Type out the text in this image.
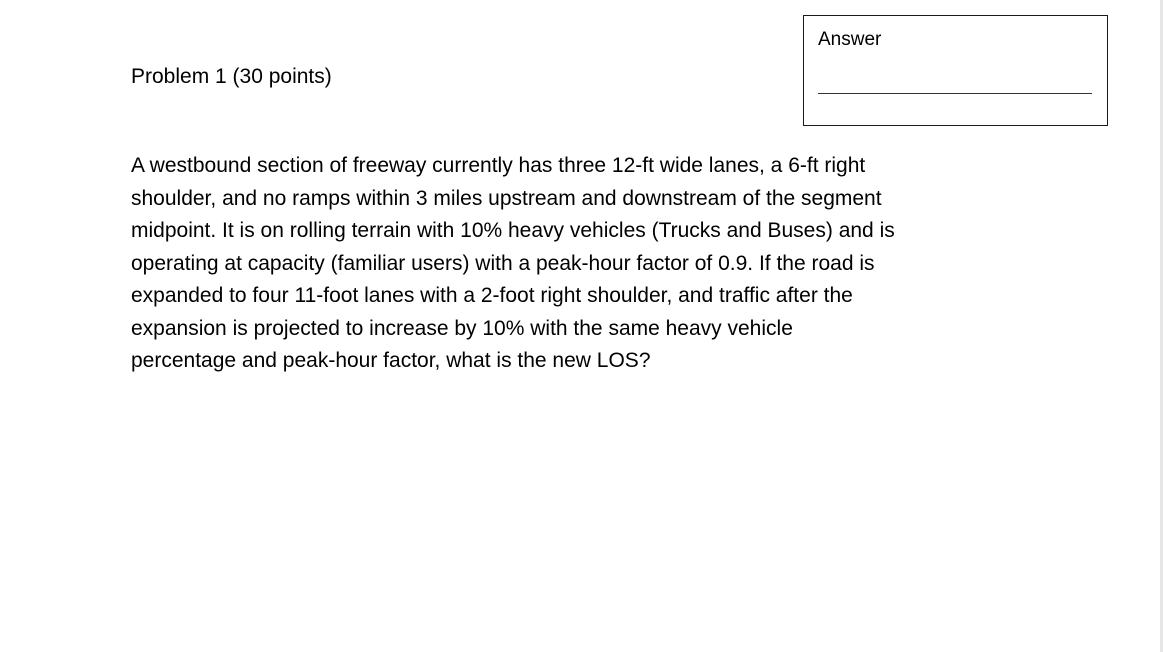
Problem 1 (30 points)
Answer
A westbound section of freeway currently has three 12-ft wide lanes, a 6-ft right
shoulder, and no ramps within 3 miles upstream and downstream of the segment
midpoint. It is on rolling terrain with 10% heavy vehicles (Trucks and Buses) and is
operating at capacity (familiar users) with a peak-hour factor of 0.9. If the road is
expanded to four 11-foot lanes with a 2-foot right shoulder, and traffic after the
expansion is projected to increase by 10% with the same heavy vehicle
percentage and peak-hour factor, what is the new LOS?
